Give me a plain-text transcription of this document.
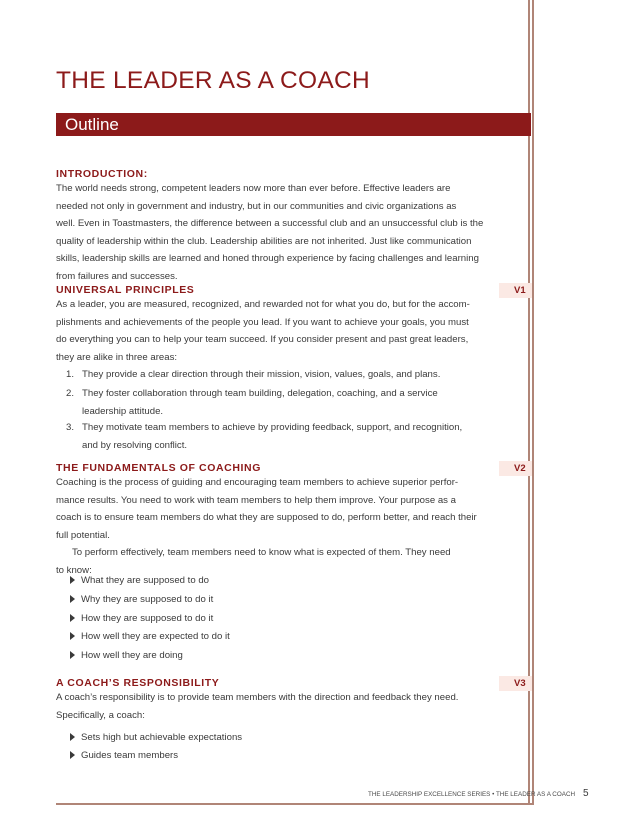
THE LEADER AS A COACH
Outline
INTRODUCTION:
The world needs strong, competent leaders now more than ever before. Effective leaders are
needed not only in government and industry, but in our communities and civic organizations as
well. Even in Toastmasters, the difference between a successful club and an unsuccessful club is the
quality of leadership within the club. Leadership abilities are not inherited. Just like communication
skills, leadership skills are learned and honed through experience by facing challenges and learning
from failures and successes.
UNIVERSAL PRINCIPLES	V1
As a leader, you are measured, recognized, and rewarded not for what you do, but for the accom-
plishments and achievements of the people you lead. If you want to achieve your goals, you must
do everything you can to help your team succeed. If you consider present and past great leaders,
they are alike in three areas:
1. They provide a clear direction through their mission, vision, values, goals, and plans.
2. They foster collaboration through team building, delegation, coaching, and a service
leadership attitude.
3. They motivate team members to achieve by providing feedback, support, and recognition,
and by resolving conflict.
THE FUNDAMENTALS OF COACHING	V2
Coaching is the process of guiding and encouraging team members to achieve superior perfor-
mance results. You need to work with team members to help them improve. Your purpose as a
coach is to ensure team members do what they are supposed to do, perform better, and reach their
full potential.
To perform effectively, team members need to know what is expected of them. They need
to know:
What they are supposed to do
Why they are supposed to do it
How they are supposed to do it
How well they are expected to do it
How well they are doing
A COACH’S RESPONSIBILITY	V3
A coach’s responsibility is to provide team members with the direction and feedback they need.
Specifically, a coach:
Sets high but achievable expectations
Guides team members
THE LEADERSHIP EXCELLENCE SERIES • THE LEADER AS A COACH 5
